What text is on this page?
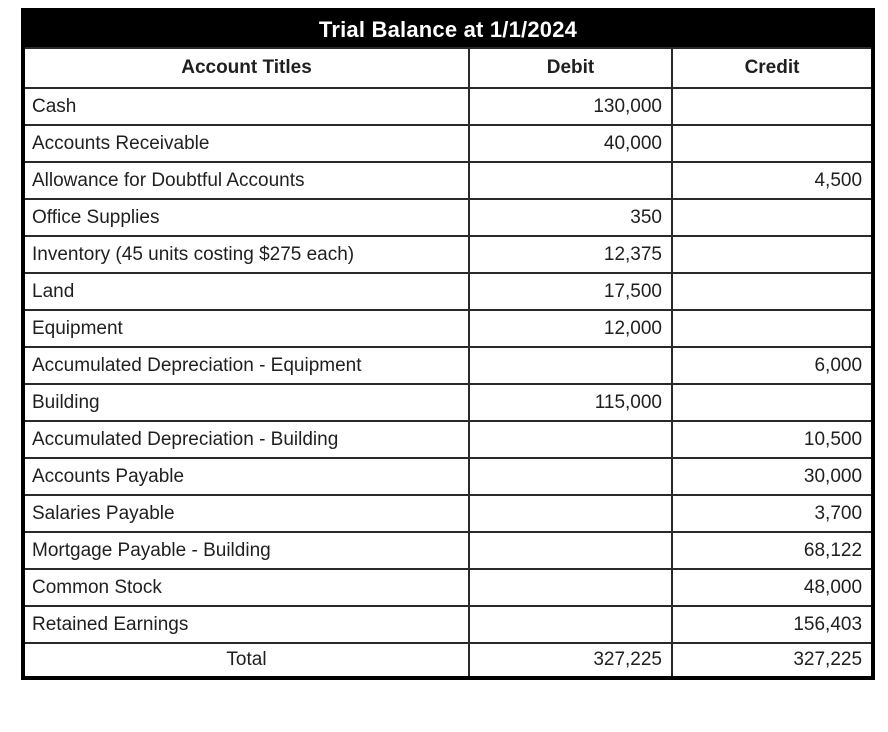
Trial Balance at 1/1/2024		
Account Titles	Debit	Credit
Cash	130,000	
Accounts Receivable	40,000	
Allowance for Doubtful Accounts		4,500
Office Supplies	350	
Inventory (45 units costing $275 each)	12,375	
Land	17,500	
Equipment	12,000	
Accumulated Depreciation - Equipment		6,000
Building	115,000	
Accumulated Depreciation - Building		10,500
Accounts Payable		30,000
Salaries Payable		3,700
Mortgage Payable - Building		68,122
Common Stock		48,000
Retained Earnings		156,403
Total	327,225	327,225
